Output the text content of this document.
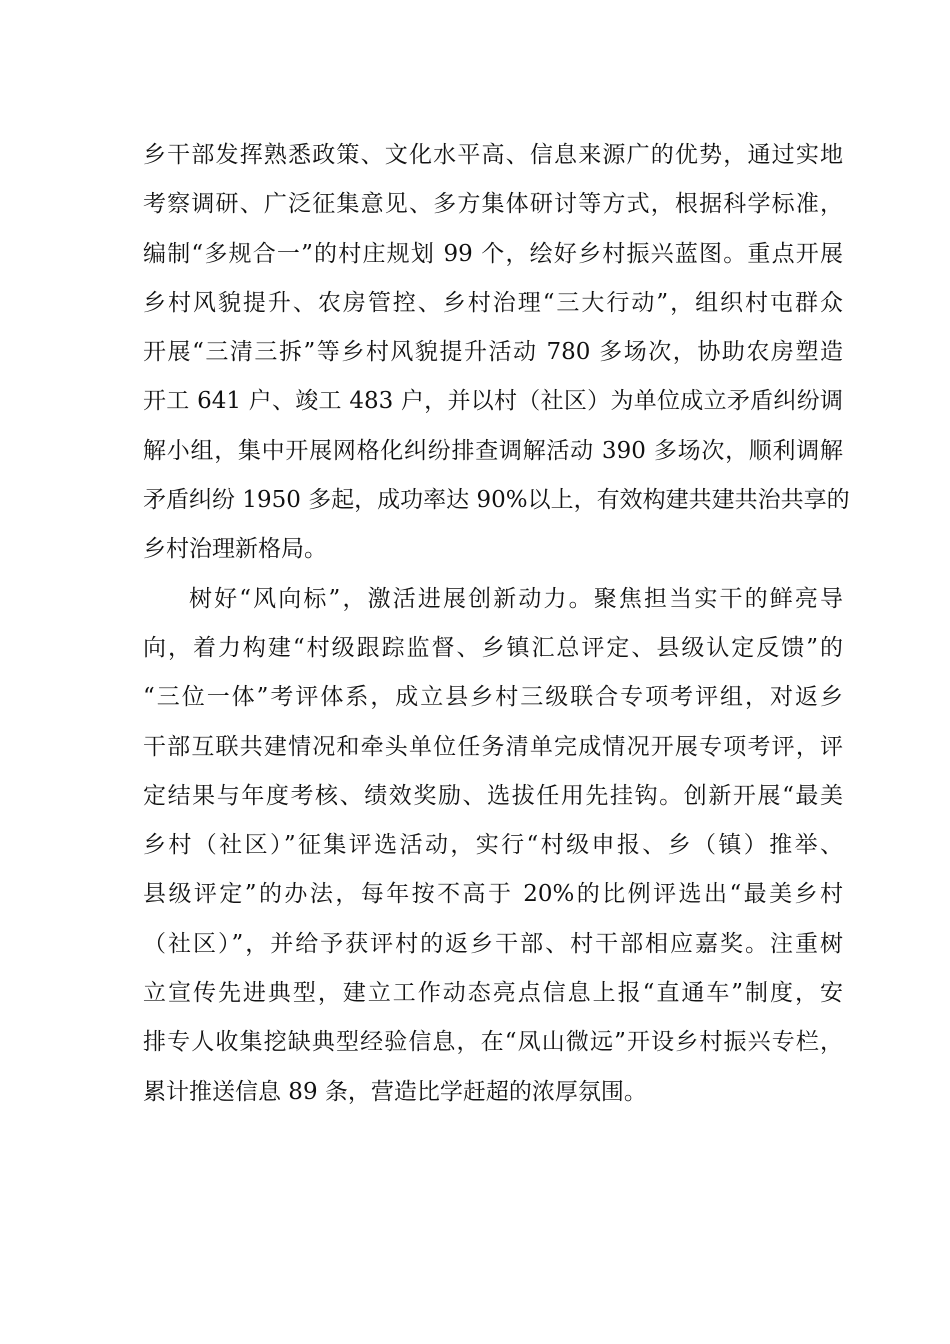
乡干部发挥熟悉政策、文化水平高、信息来源广的优势，通过实地
考察调研、广泛征集意见、多方集体研讨等方式，根据科学标准，
编制“多规合一”的村庄规划 99 个，绘好乡村振兴蓝图。重点开展
乡村风貌提升、农房管控、乡村治理“三大行动”，组织村屯群众
开展“三清三拆”等乡村风貌提升活动 780 多场次，协助农房塑造
开工 641 户、竣工 483 户，并以村（社区）为单位成立矛盾纠纷调
解小组，集中开展网格化纠纷排查调解活动 390 多场次，顺利调解
矛盾纠纷 1950 多起，成功率达 90%以上，有效构建共建共治共享的
乡村治理新格局。
树好“风向标”，激活进展创新动力。聚焦担当实干的鲜亮导
向，着力构建“村级跟踪监督、乡镇汇总评定、县级认定反馈”的
“三位一体”考评体系，成立县乡村三级联合专项考评组，对返乡
干部互联共建情况和牵头单位任务清单完成情况开展专项考评，评
定结果与年度考核、绩效奖励、选拔任用先挂钩。创新开展“最美
乡村（社区）”征集评选活动，实行“村级申报、乡（镇）推举、
县级评定”的办法，每年按不高于 20%的比例评选出“最美乡村
（社区）”，并给予获评村的返乡干部、村干部相应嘉奖。注重树
立宣传先进典型，建立工作动态亮点信息上报“直通车”制度，安
排专人收集挖缺典型经验信息，在“凤山微远”开设乡村振兴专栏，
累计推送信息 89 条，营造比学赶超的浓厚氛围。
